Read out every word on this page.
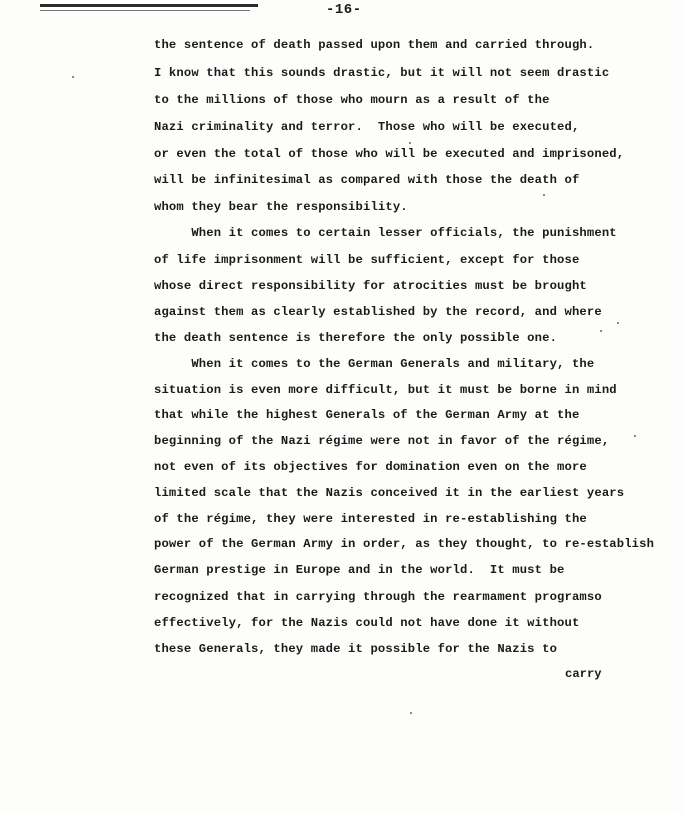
-16-
the sentence of death passed upon them and carried through.
I know that this sounds drastic, but it will not seem drastic
to the millions of those who mourn as a result of the
Nazi criminality and terror.  Those who will be executed,
or even the total of those who will be executed and imprisoned,
will be infinitesimal as compared with those the death of
whom they bear the responsibility.
When it comes to certain lesser officials, the punishment
of life imprisonment will be sufficient, except for those
whose direct responsibility for atrocities must be brought
against them as clearly established by the record, and where
the death sentence is therefore the only possible one.
When it comes to the German Generals and military, the
situation is even more difficult, but it must be borne in mind
that while the highest Generals of the German Army at the
beginning of the Nazi régime were not in favor of the régime,
not even of its objectives for domination even on the more
limited scale that the Nazis conceived it in the earliest years
of the régime, they were interested in re-establishing the
power of the German Army in order, as they thought, to re-establish
German prestige in Europe and in the world.  It must be
recognized that in carrying through the rearmament programso
effectively, for the Nazis could not have done it without
these Generals, they made it possible for the Nazis to
carry
